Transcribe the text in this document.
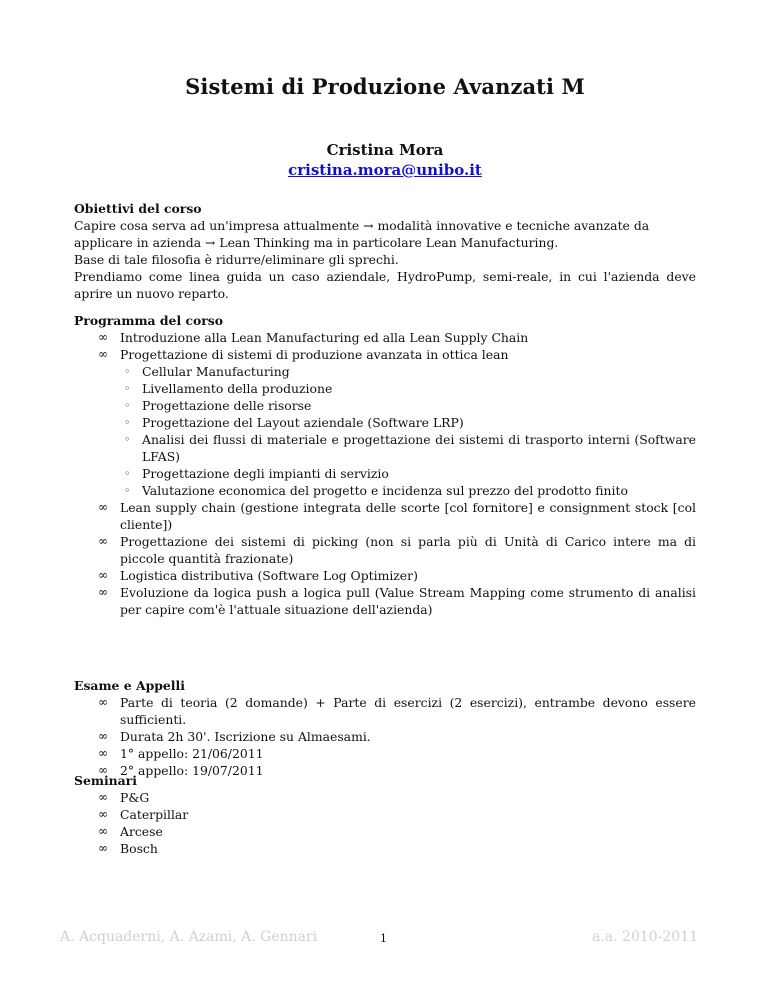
Sistemi di Produzione Avanzati M
Cristina Mora
cristina.mora@unibo.it
Obiettivi del corso
Capire cosa serva ad un'impresa attualmente → modalità innovative e tecniche avanzate da
applicare in azienda → Lean Thinking ma in particolare Lean Manufacturing.
Base di tale filosofia è ridurre/eliminare gli sprechi.
Prendiamo come linea guida un caso aziendale, HydroPump, semi-reale, in cui l'azienda deve aprire un nuovo reparto.
Programma del corso
∞ Introduzione alla Lean Manufacturing ed alla Lean Supply Chain
∞ Progettazione di sistemi di produzione avanzata in ottica lean
◦ Cellular Manufacturing
◦ Livellamento della produzione
◦ Progettazione delle risorse
◦ Progettazione del Layout aziendale (Software LRP)
◦ Analisi dei flussi di materiale e progettazione dei sistemi di trasporto interni (Software LFAS)
◦ Progettazione degli impianti di servizio
◦ Valutazione economica del progetto e incidenza sul prezzo del prodotto finito
∞ Lean supply chain (gestione integrata delle scorte [col fornitore] e consignment stock [col cliente])
∞ Progettazione dei sistemi di picking (non si parla più di Unità di Carico intere ma di piccole quantità frazionate)
∞ Logistica distributiva (Software Log Optimizer)
∞ Evoluzione da logica push a logica pull (Value Stream Mapping come strumento di analisi per capire com'è l'attuale situazione dell'azienda)
Esame e Appelli
∞ Parte di teoria (2 domande) + Parte di esercizi (2 esercizi), entrambe devono essere sufficienti.
∞ Durata 2h 30'. Iscrizione su Almaesami.
∞ 1° appello: 21/06/2011
∞ 2° appello: 19/07/2011
Seminari
∞ P&G
∞ Caterpillar
∞ Arcese
∞ Bosch
A. Acquaderni, A. Azami, A. Gennari	1	a.a. 2010-2011
